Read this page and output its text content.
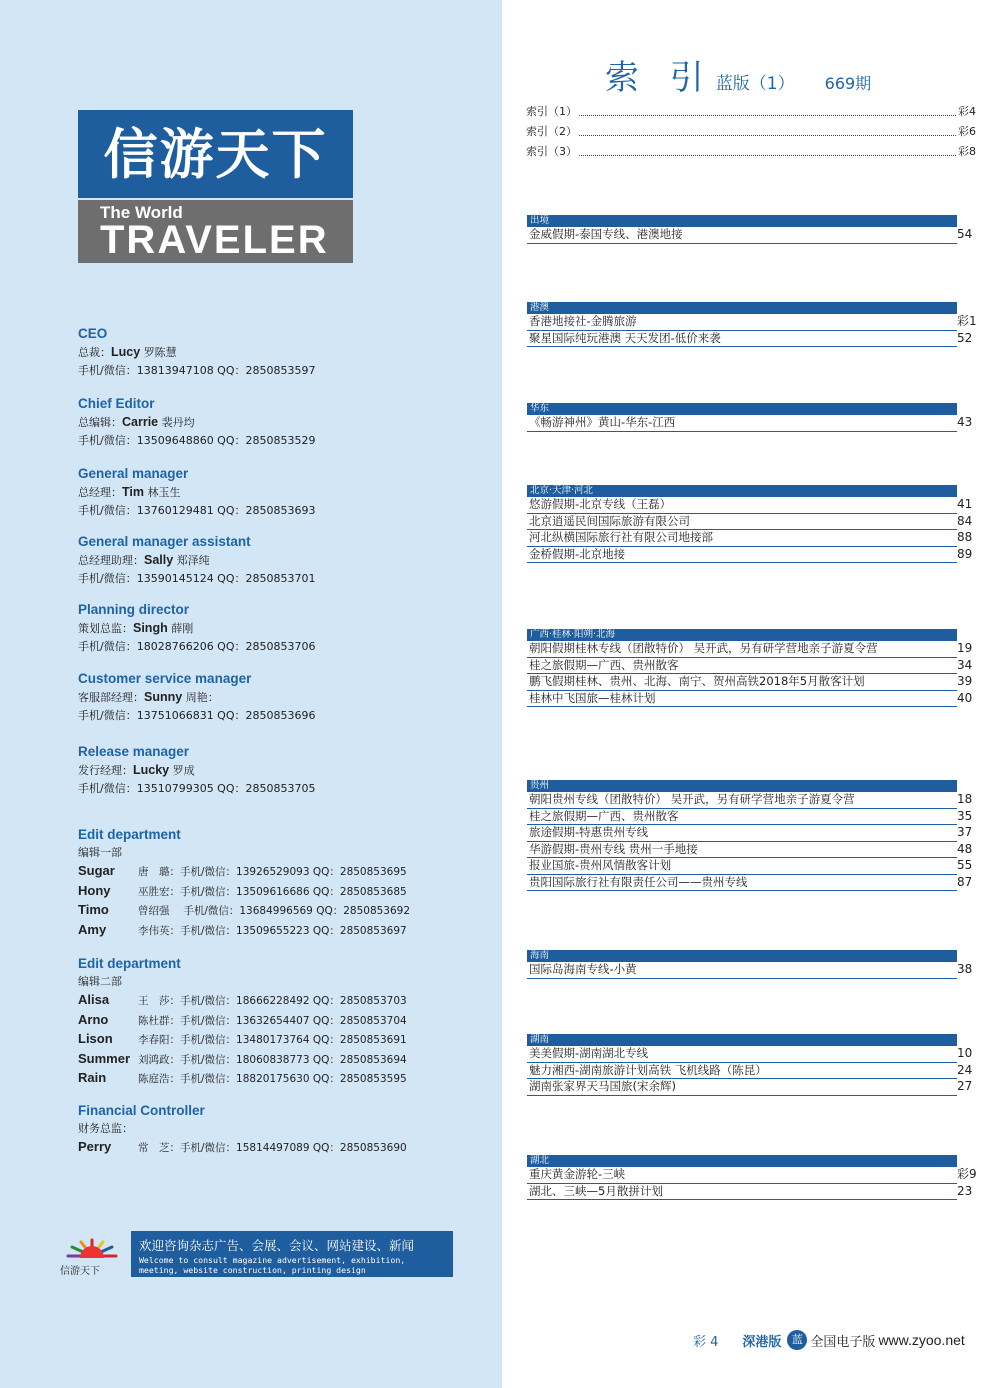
信游天下
The World
TRAVELER
CEO
总裁：Lucy 罗陈慧
手机/微信：13813947108 QQ：2850853597
Chief Editor
总编辑：Carrie 裴丹均
手机/微信：13509648860 QQ：2850853529
General manager
总经理：Tim 林玉生
手机/微信：13760129481 QQ：2850853693
General manager assistant
总经理助理：Sally 郑泽纯
手机/微信：13590145124 QQ：2850853701
Planning director
策划总监：Singh 薛刚
手机/微信：18028766206 QQ：2850853706
Customer service manager
客服部经理：Sunny 周艳：
手机/微信：13751066831 QQ：2850853696
Release manager
发行经理：Lucky 罗成
手机/微信：13510799305 QQ：2850853705
Edit department
编辑一部
Sugar	唐　璐：手机/微信：13926529093 QQ：2850853695
Hony	巫胜宏：手机/微信：13509616686 QQ：2850853685
Timo	曾绍强　 手机/微信：13684996569 QQ：2850853692
Amy	李伟英：手机/微信：13509655223 QQ：2850853697
Edit department
编辑二部
Alisa	王　莎：手机/微信：18666228492 QQ：2850853703
Arno	陈杜群：手机/微信：13632654407 QQ：2850853704
Lison	李春阳：手机/微信：13480173764 QQ：2850853691
Summer 刘鸿政：手机/微信：18060838773 QQ：2850853694
Rain	陈庭浩：手机/微信：18820175630 QQ：2850853595
Financial Controller
财务总监：
Perry	常　芝：手机/微信：15814497089 QQ：2850853690
信游天下
欢迎咨询杂志广告、会展、会议、网站建设、新闻
Welcome to consult magazine advertisement, exhibition,
meeting, website construction, printing design
索 引 蓝版（1） 669期
索引（1）	彩4
索引（2）	彩6
索引（3）	彩8
出境
金威假期-泰国专线、港澳地接	54
港澳
香港地接社-金腾旅游	彩1
聚星国际纯玩港澳 天天发团-低价来袭	52
华东
《畅游神州》黄山-华东-江西	43
北京·天津·河北
悠游假期-北京专线（王磊）	41
北京逍遥民间国际旅游有限公司	84
河北纵横国际旅行社有限公司地接部	88
金桥假期-北京地接	89
广西·桂林·阳朔·北海
朝阳假期桂林专线（团散特价） 吴开武，另有研学营地亲子游夏令营	19
桂之旅假期—广西、贵州散客	34
鹏飞假期桂林、贵州、北海、南宁、贺州高铁2018年5月散客计划	39
桂林中飞国旅—桂林计划	40
贵州
朝阳贵州专线（团散特价） 吴开武，另有研学营地亲子游夏令营	18
桂之旅假期—广西、贵州散客	35
旅途假期-特惠贵州专线	37
华游假期-贵州专线 贵州一手地接	48
报业国旅-贵州风情散客计划	55
贵阳国际旅行社有限责任公司——贵州专线	87
海南
国际岛海南专线-小黄	38
湖南
美美假期-湖南湖北专线	10
魅力湘西-湖南旅游计划高铁 飞机线路（陈昆）	24
湖南张家界天马国旅(宋余辉)	27
湖北
重庆黄金游轮-三峡	彩9
湖北、三峡—5月散拼计划	23
彩 4 深港版 蓝 全国电子版 www.zyoo.net
